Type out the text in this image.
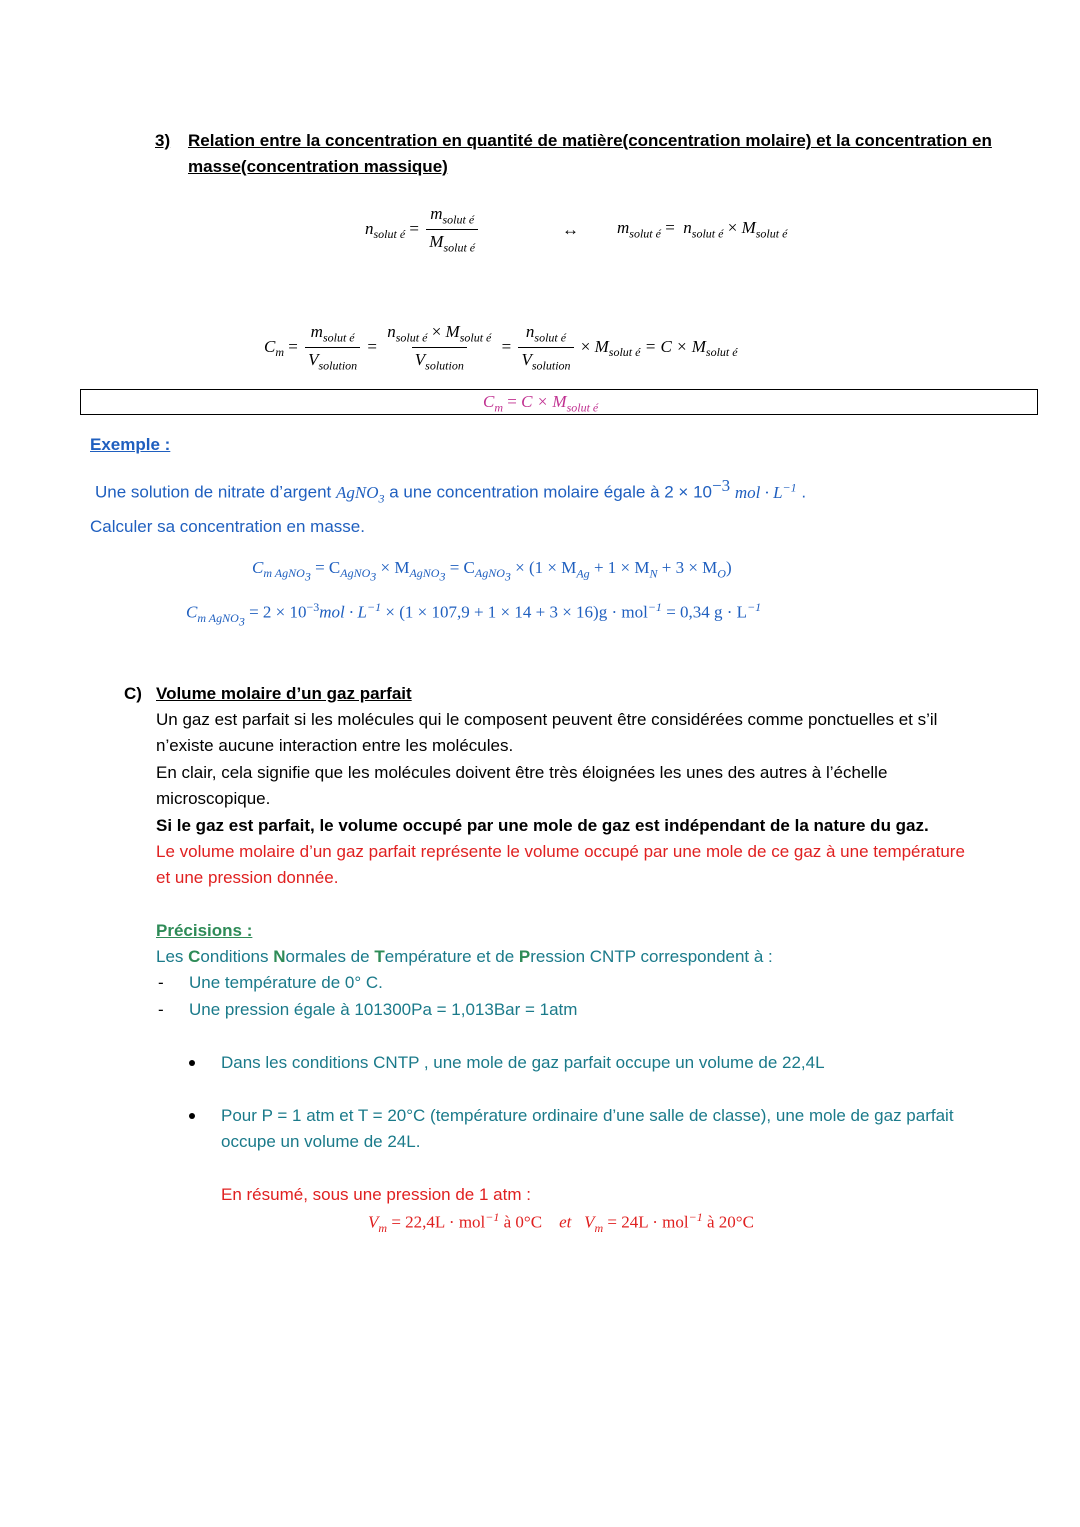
3) Relation entre la concentration en quantité de matière(concentration molaire) et la concentration en
masse(concentration massique)
$n_{solut é} = \frac{m_{solut é}}{M_{solut é}}$	↔ $m_{solut é} = n_{solut é} \times M_{solut é}$
$C_m = \frac{m_{solut é}}{V_{solution}} = \frac{n_{solut é} \times M_{solut é}}{V_{solution}} = \frac{n_{solut é}}{V_{solution}} \times M_{solut é} = C \times M_{solut é}$
$C_m = C \times M_{solut é}$
Exemple :
Une solution de nitrate d’argent AgNO$_3$ a une concentration molaire égale à $2 \times 10^{-3}$ mol · $L^{-1}$ .
Calculer sa concentration en masse.
$C_{m AgNO_3} = C_{AgNO_3} \times M_{AgNO_3} = C_{AgNO_3} \times (1 \times M_{Ag} + 1 \times M_N + 3 \times M_O)$
$C_{m AgNO_3} = 2 \times 10^{-3}mol \cdot L^{-1} \times (1 \times 107,9 + 1 \times 14 + 3 \times 16)g \cdot mol^{-1} = 0,34$ $g \cdot L^{-1}$
C) Volume molaire d’un gaz parfait
Un gaz est parfait si les molécules qui le composent peuvent être considérées comme ponctuelles et s’il
n’existe aucune interaction entre les molécules.
En clair, cela signifie que les molécules doivent être très éloignées les unes des autres à l’échelle
microscopique.
Si le gaz est parfait, le volume occupé par une mole de gaz est indépendant de la nature du gaz.
Le volume molaire d’un gaz parfait représente le volume occupé par une mole de ce gaz à une température
et une pression donnée.
Précisions :
Les Conditions Normales de Température et de Pression CNTP correspondent à :
- Une température de 0° C.
- Une pression égale à 101300Pa = 1,013Bar = 1atm
Dans les conditions CNTP , une mole de gaz parfait occupe un volume de 22,4L
Pour P = 1 atm et T = 20°C (température ordinaire d’une salle de classe), une mole de gaz parfait
occupe un volume de 24L.
En résumé, sous une pression de 1 atm :
$V_m = 22,4L \cdot mol^{-1}$ à 0°C et $V_m = 24L \cdot mol^{-1}$ à 20°C
